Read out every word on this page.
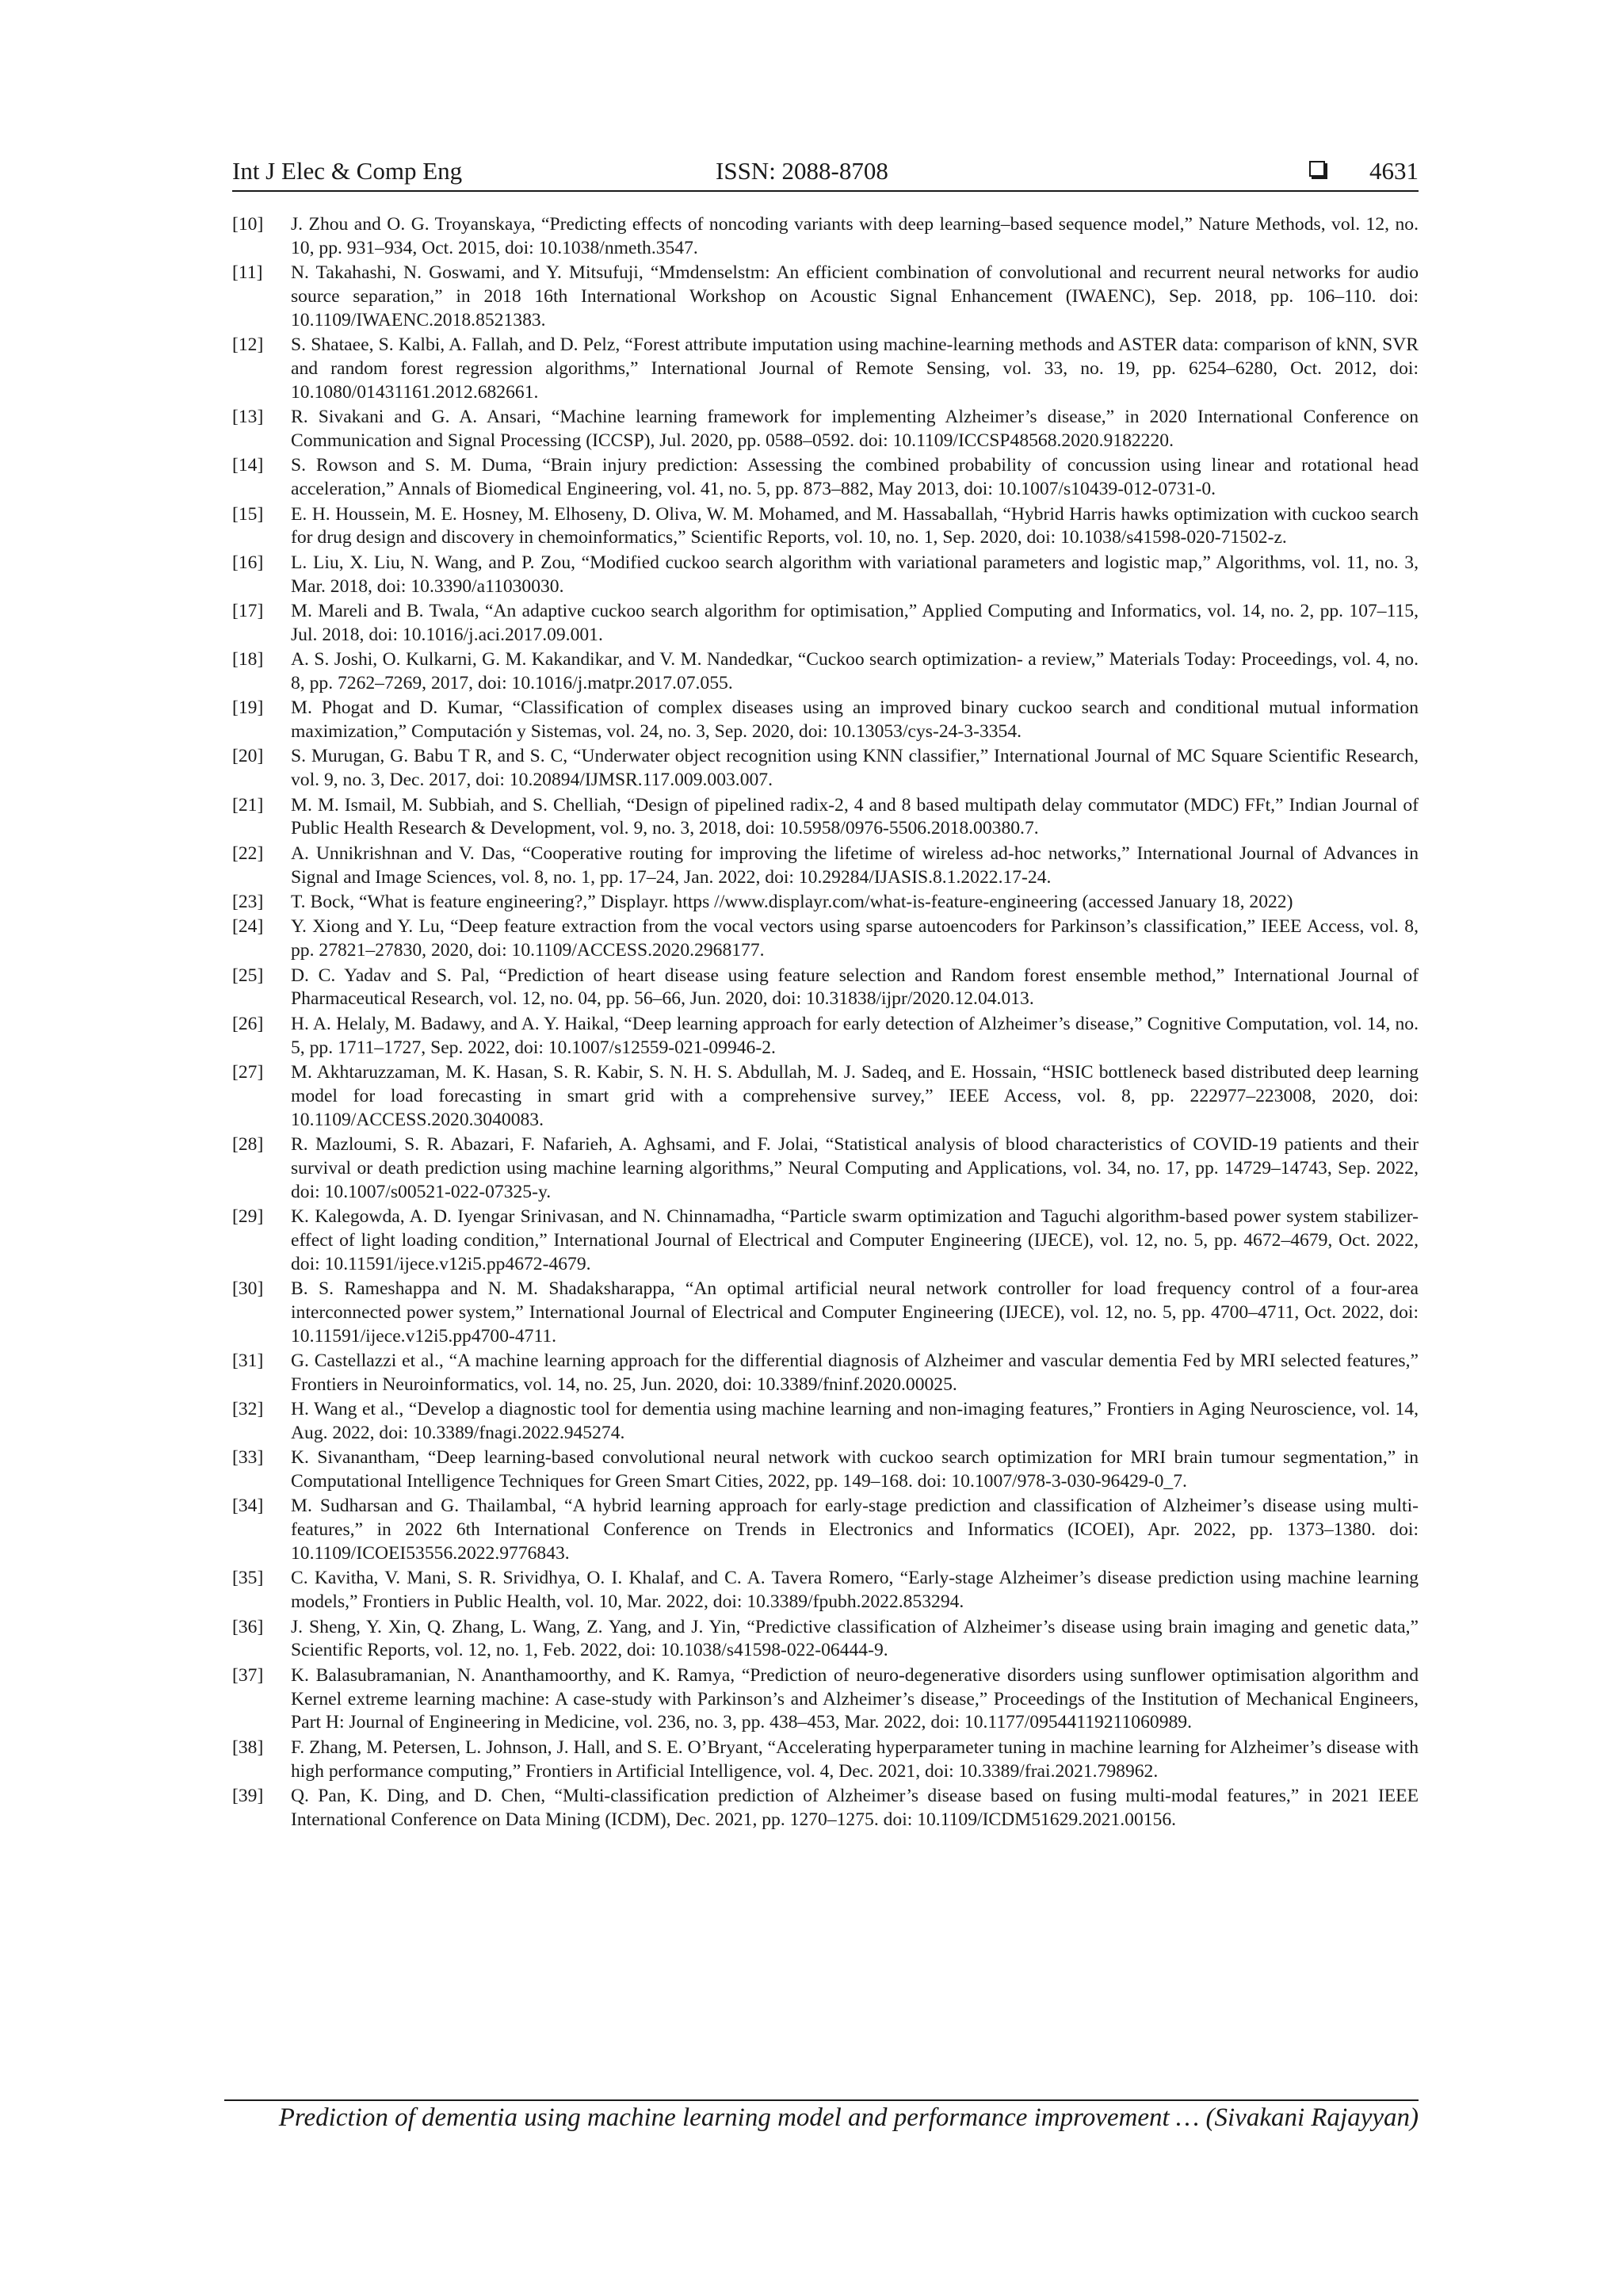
Int J Elec & Comp Eng	ISSN: 2088-8708	4631
[10]	J. Zhou and O. G. Troyanskaya, “Predicting effects of noncoding variants with deep learning–based sequence model,” Nature Methods, vol. 12, no. 10, pp. 931–934, Oct. 2015, doi: 10.1038/nmeth.3547.
[11]	N. Takahashi, N. Goswami, and Y. Mitsufuji, “Mmdenselstm: An efficient combination of convolutional and recurrent neural networks for audio source separation,” in 2018 16th International Workshop on Acoustic Signal Enhancement (IWAENC), Sep. 2018, pp. 106–110. doi: 10.1109/IWAENC.2018.8521383.
[12]	S. Shataee, S. Kalbi, A. Fallah, and D. Pelz, “Forest attribute imputation using machine-learning methods and ASTER data: comparison of kNN, SVR and random forest regression algorithms,” International Journal of Remote Sensing, vol. 33, no. 19, pp. 6254–6280, Oct. 2012, doi: 10.1080/01431161.2012.682661.
[13]	R. Sivakani and G. A. Ansari, “Machine learning framework for implementing Alzheimer’s disease,” in 2020 International Conference on Communication and Signal Processing (ICCSP), Jul. 2020, pp. 0588–0592. doi: 10.1109/ICCSP48568.2020.9182220.
[14]	S. Rowson and S. M. Duma, “Brain injury prediction: Assessing the combined probability of concussion using linear and rotational head acceleration,” Annals of Biomedical Engineering, vol. 41, no. 5, pp. 873–882, May 2013, doi: 10.1007/s10439-012-0731-0.
[15]	E. H. Houssein, M. E. Hosney, M. Elhoseny, D. Oliva, W. M. Mohamed, and M. Hassaballah, “Hybrid Harris hawks optimization with cuckoo search for drug design and discovery in chemoinformatics,” Scientific Reports, vol. 10, no. 1, Sep. 2020, doi: 10.1038/s41598-020-71502-z.
[16]	L. Liu, X. Liu, N. Wang, and P. Zou, “Modified cuckoo search algorithm with variational parameters and logistic map,” Algorithms, vol. 11, no. 3, Mar. 2018, doi: 10.3390/a11030030.
[17]	M. Mareli and B. Twala, “An adaptive cuckoo search algorithm for optimisation,” Applied Computing and Informatics, vol. 14, no. 2, pp. 107–115, Jul. 2018, doi: 10.1016/j.aci.2017.09.001.
[18]	A. S. Joshi, O. Kulkarni, G. M. Kakandikar, and V. M. Nandedkar, “Cuckoo search optimization- a review,” Materials Today: Proceedings, vol. 4, no. 8, pp. 7262–7269, 2017, doi: 10.1016/j.matpr.2017.07.055.
[19]	M. Phogat and D. Kumar, “Classification of complex diseases using an improved binary cuckoo search and conditional mutual information maximization,” Computación y Sistemas, vol. 24, no. 3, Sep. 2020, doi: 10.13053/cys-24-3-3354.
[20]	S. Murugan, G. Babu T R, and S. C, “Underwater object recognition using KNN classifier,” International Journal of MC Square Scientific Research, vol. 9, no. 3, Dec. 2017, doi: 10.20894/IJMSR.117.009.003.007.
[21]	M. M. Ismail, M. Subbiah, and S. Chelliah, “Design of pipelined radix-2, 4 and 8 based multipath delay commutator (MDC) FFt,” Indian Journal of Public Health Research & Development, vol. 9, no. 3, 2018, doi: 10.5958/0976-5506.2018.00380.7.
[22]	A. Unnikrishnan and V. Das, “Cooperative routing for improving the lifetime of wireless ad-hoc networks,” International Journal of Advances in Signal and Image Sciences, vol. 8, no. 1, pp. 17–24, Jan. 2022, doi: 10.29284/IJASIS.8.1.2022.17-24.
[23]	T. Bock, “What is feature engineering?,” Displayr. https //www.displayr.com/what-is-feature-engineering (accessed January 18, 2022)
[24]	Y. Xiong and Y. Lu, “Deep feature extraction from the vocal vectors using sparse autoencoders for Parkinson’s classification,” IEEE Access, vol. 8, pp. 27821–27830, 2020, doi: 10.1109/ACCESS.2020.2968177.
[25]	D. C. Yadav and S. Pal, “Prediction of heart disease using feature selection and Random forest ensemble method,” International Journal of Pharmaceutical Research, vol. 12, no. 04, pp. 56–66, Jun. 2020, doi: 10.31838/ijpr/2020.12.04.013.
[26]	H. A. Helaly, M. Badawy, and A. Y. Haikal, “Deep learning approach for early detection of Alzheimer’s disease,” Cognitive Computation, vol. 14, no. 5, pp. 1711–1727, Sep. 2022, doi: 10.1007/s12559-021-09946-2.
[27]	M. Akhtaruzzaman, M. K. Hasan, S. R. Kabir, S. N. H. S. Abdullah, M. J. Sadeq, and E. Hossain, “HSIC bottleneck based distributed deep learning model for load forecasting in smart grid with a comprehensive survey,” IEEE Access, vol. 8, pp. 222977–223008, 2020, doi: 10.1109/ACCESS.2020.3040083.
[28]	R. Mazloumi, S. R. Abazari, F. Nafarieh, A. Aghsami, and F. Jolai, “Statistical analysis of blood characteristics of COVID-19 patients and their survival or death prediction using machine learning algorithms,” Neural Computing and Applications, vol. 34, no. 17, pp. 14729–14743, Sep. 2022, doi: 10.1007/s00521-022-07325-y.
[29]	K. Kalegowda, A. D. Iyengar Srinivasan, and N. Chinnamadha, “Particle swarm optimization and Taguchi algorithm-based power system stabilizer-effect of light loading condition,” International Journal of Electrical and Computer Engineering (IJECE), vol. 12, no. 5, pp. 4672–4679, Oct. 2022, doi: 10.11591/ijece.v12i5.pp4672-4679.
[30]	B. S. Rameshappa and N. M. Shadaksharappa, “An optimal artificial neural network controller for load frequency control of a four-area interconnected power system,” International Journal of Electrical and Computer Engineering (IJECE), vol. 12, no. 5, pp. 4700–4711, Oct. 2022, doi: 10.11591/ijece.v12i5.pp4700-4711.
[31]	G. Castellazzi et al., “A machine learning approach for the differential diagnosis of Alzheimer and vascular dementia Fed by MRI selected features,” Frontiers in Neuroinformatics, vol. 14, no. 25, Jun. 2020, doi: 10.3389/fninf.2020.00025.
[32]	H. Wang et al., “Develop a diagnostic tool for dementia using machine learning and non-imaging features,” Frontiers in Aging Neuroscience, vol. 14, Aug. 2022, doi: 10.3389/fnagi.2022.945274.
[33]	K. Sivanantham, “Deep learning-based convolutional neural network with cuckoo search optimization for MRI brain tumour segmentation,” in Computational Intelligence Techniques for Green Smart Cities, 2022, pp. 149–168. doi: 10.1007/978-3-030-96429-0_7.
[34]	M. Sudharsan and G. Thailambal, “A hybrid learning approach for early-stage prediction and classification of Alzheimer’s disease using multi-features,” in 2022 6th International Conference on Trends in Electronics and Informatics (ICOEI), Apr. 2022, pp. 1373–1380. doi: 10.1109/ICOEI53556.2022.9776843.
[35]	C. Kavitha, V. Mani, S. R. Srividhya, O. I. Khalaf, and C. A. Tavera Romero, “Early-stage Alzheimer’s disease prediction using machine learning models,” Frontiers in Public Health, vol. 10, Mar. 2022, doi: 10.3389/fpubh.2022.853294.
[36]	J. Sheng, Y. Xin, Q. Zhang, L. Wang, Z. Yang, and J. Yin, “Predictive classification of Alzheimer’s disease using brain imaging and genetic data,” Scientific Reports, vol. 12, no. 1, Feb. 2022, doi: 10.1038/s41598-022-06444-9.
[37]	K. Balasubramanian, N. Ananthamoorthy, and K. Ramya, “Prediction of neuro-degenerative disorders using sunflower optimisation algorithm and Kernel extreme learning machine: A case-study with Parkinson’s and Alzheimer’s disease,” Proceedings of the Institution of Mechanical Engineers, Part H: Journal of Engineering in Medicine, vol. 236, no. 3, pp. 438–453, Mar. 2022, doi: 10.1177/09544119211060989.
[38]	F. Zhang, M. Petersen, L. Johnson, J. Hall, and S. E. O’Bryant, “Accelerating hyperparameter tuning in machine learning for Alzheimer’s disease with high performance computing,” Frontiers in Artificial Intelligence, vol. 4, Dec. 2021, doi: 10.3389/frai.2021.798962.
[39]	Q. Pan, K. Ding, and D. Chen, “Multi-classification prediction of Alzheimer’s disease based on fusing multi-modal features,” in 2021 IEEE International Conference on Data Mining (ICDM), Dec. 2021, pp. 1270–1275. doi: 10.1109/ICDM51629.2021.00156.
Prediction of dementia using machine learning model and performance improvement … (Sivakani Rajayyan)
